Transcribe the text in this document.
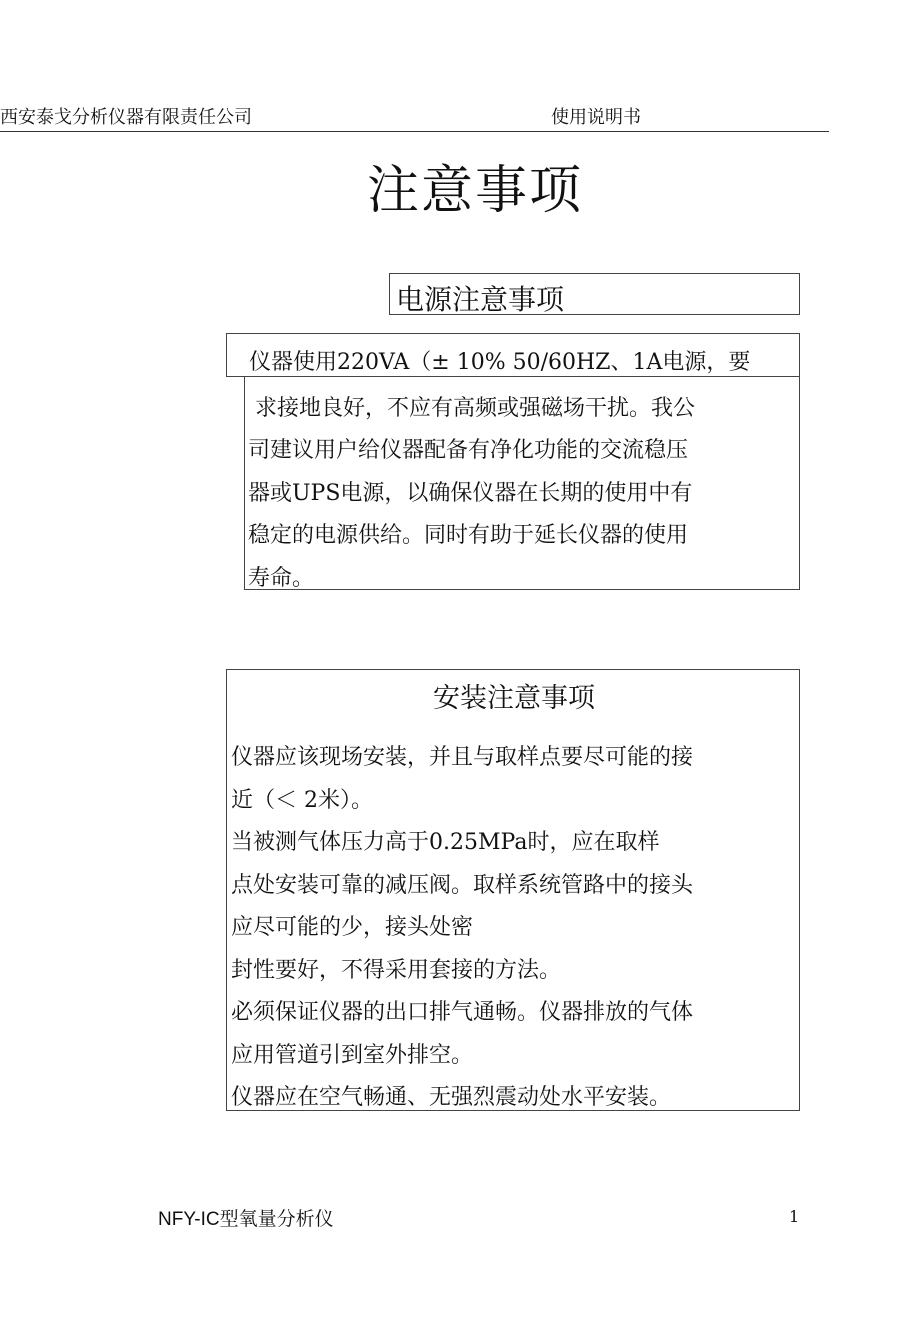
西安泰戈分析仪器有限责任公司	使用说明书
注意事项
电源注意事项
仪器使用220VA（± 10% 50/60HZ、1A电源，要
求接地良好，不应有高频或强磁场干扰。我公
司建议用户给仪器配备有净化功能的交流稳压
器或UPS电源，以确保仪器在长期的使用中有
稳定的电源供给。同时有助于延长仪器的使用
寿命。
安装注意事项
仪器应该现场安装，并且与取样点要尽可能的接
近（＜ 2米）。
当被测气体压力高于0.25MPa时，应在取样
点处安装可靠的减压阀。取样系统管路中的接头
应尽可能的少，接头处密
封性要好，不得采用套接的方法。
必须保证仪器的出口排气通畅。仪器排放的气体
应用管道引到室外排空。
仪器应在空气畅通、无强烈震动处水平安装。
NFY-IC型氧量分析仪	1
